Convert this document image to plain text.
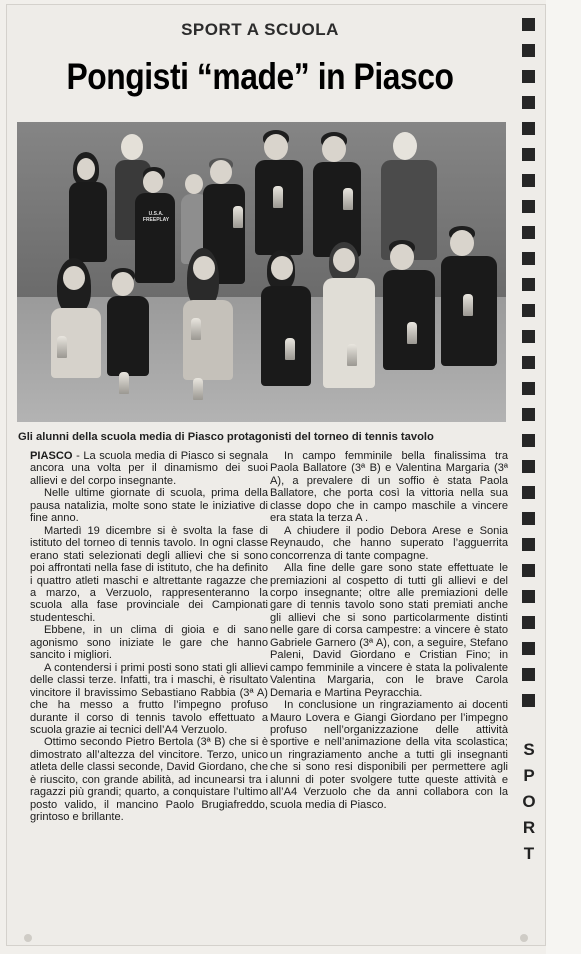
SPORT A SCUOLA
Pongisti “made” in Piasco
U.S.A. FREEPLAY
Gli alunni della scuola media di Piasco protagonisti del torneo di tennis tavolo

PIASCO - La scuola media di Piasco si segnala ancora una volta per il dinamismo dei suoi allievi e del corpo insegnante.

Nelle ultime giornate di scuola, prima della pausa natalizia, molte sono state le iniziative di fine anno.

Martedì 19 dicembre si è svolta la fase di istituto del torneo di tennis tavolo. In ogni classe erano stati selezionati degli allievi che si sono poi affrontati nella fase di istituto, che ha definito i quattro atleti maschi e altrettante ragazze che a marzo, a Verzuolo, rappresenteranno la scuola alla fase provinciale dei Campionati studenteschi.

Ebbene, in un clima di gioia e di sano agonismo sono iniziate le gare che hanno sancito i migliori.

A contendersi i primi posti sono stati gli allievi delle classi terze. Infatti, tra i maschi, è risultato vincitore il bravissimo Sebastiano Rabbia (3ª A) che ha messo a frutto l’impegno profuso durante il corso di tennis tavolo effettuato a scuola grazie ai tecnici dell’A4 Verzuolo.

Ottimo secondo Pietro Bertola (3ª B) che si è dimostrato all’altezza del vincitore. Terzo, unico atleta delle classi seconde, David Giordano, che è riuscito, con grande abilità, ad incunearsi tra i ragazzi più grandi; quarto, a conquistare l’ultimo posto valido, il mancino Paolo Brugiafreddo, grintoso e brillante.

In campo femminile bella finalissima tra Paola Ballatore (3ª B) e Valentina Margaria (3ª A), a prevalere di un soffio è stata Paola Ballatore, che porta così la vittoria nella sua classe dopo che in campo maschile a vincere era stata la terza A .

A chiudere il podio Debora Arese e Sonia Reynaudo, che hanno superato l’agguerrita concorrenza di tante compagne.

Alla fine delle gare sono state effettuate le premiazioni al cospetto di tutti gli allievi e del corpo insegnante; oltre alle premiazioni delle gare di tennis tavolo sono stati premiati anche gli allievi che si sono particolarmente distinti nelle gare di corsa campestre: a vincere è stato Gabriele Garnero (3ª A), con, a seguire, Stefano Paleni, David Giordano e Cristian Fino; in campo femminile a vincere è stata la polivalente Valentina Margaria, con le brave Carola Demaria e Martina Peyracchia.

In conclusione un ringraziamento ai docenti Mauro Lovera e Giangi Giordano per l’impegno profuso nell’organizzazione delle attività sportive e nell’animazione della vita scolastica; un ringraziamento anche a tutti gli insegnanti che si sono resi disponibili per permettere agli alunni di poter svolgere tutte queste attività e all’A4 Verzuolo che da anni collabora con la scuola media di Piasco.

S
P
O
R
T
